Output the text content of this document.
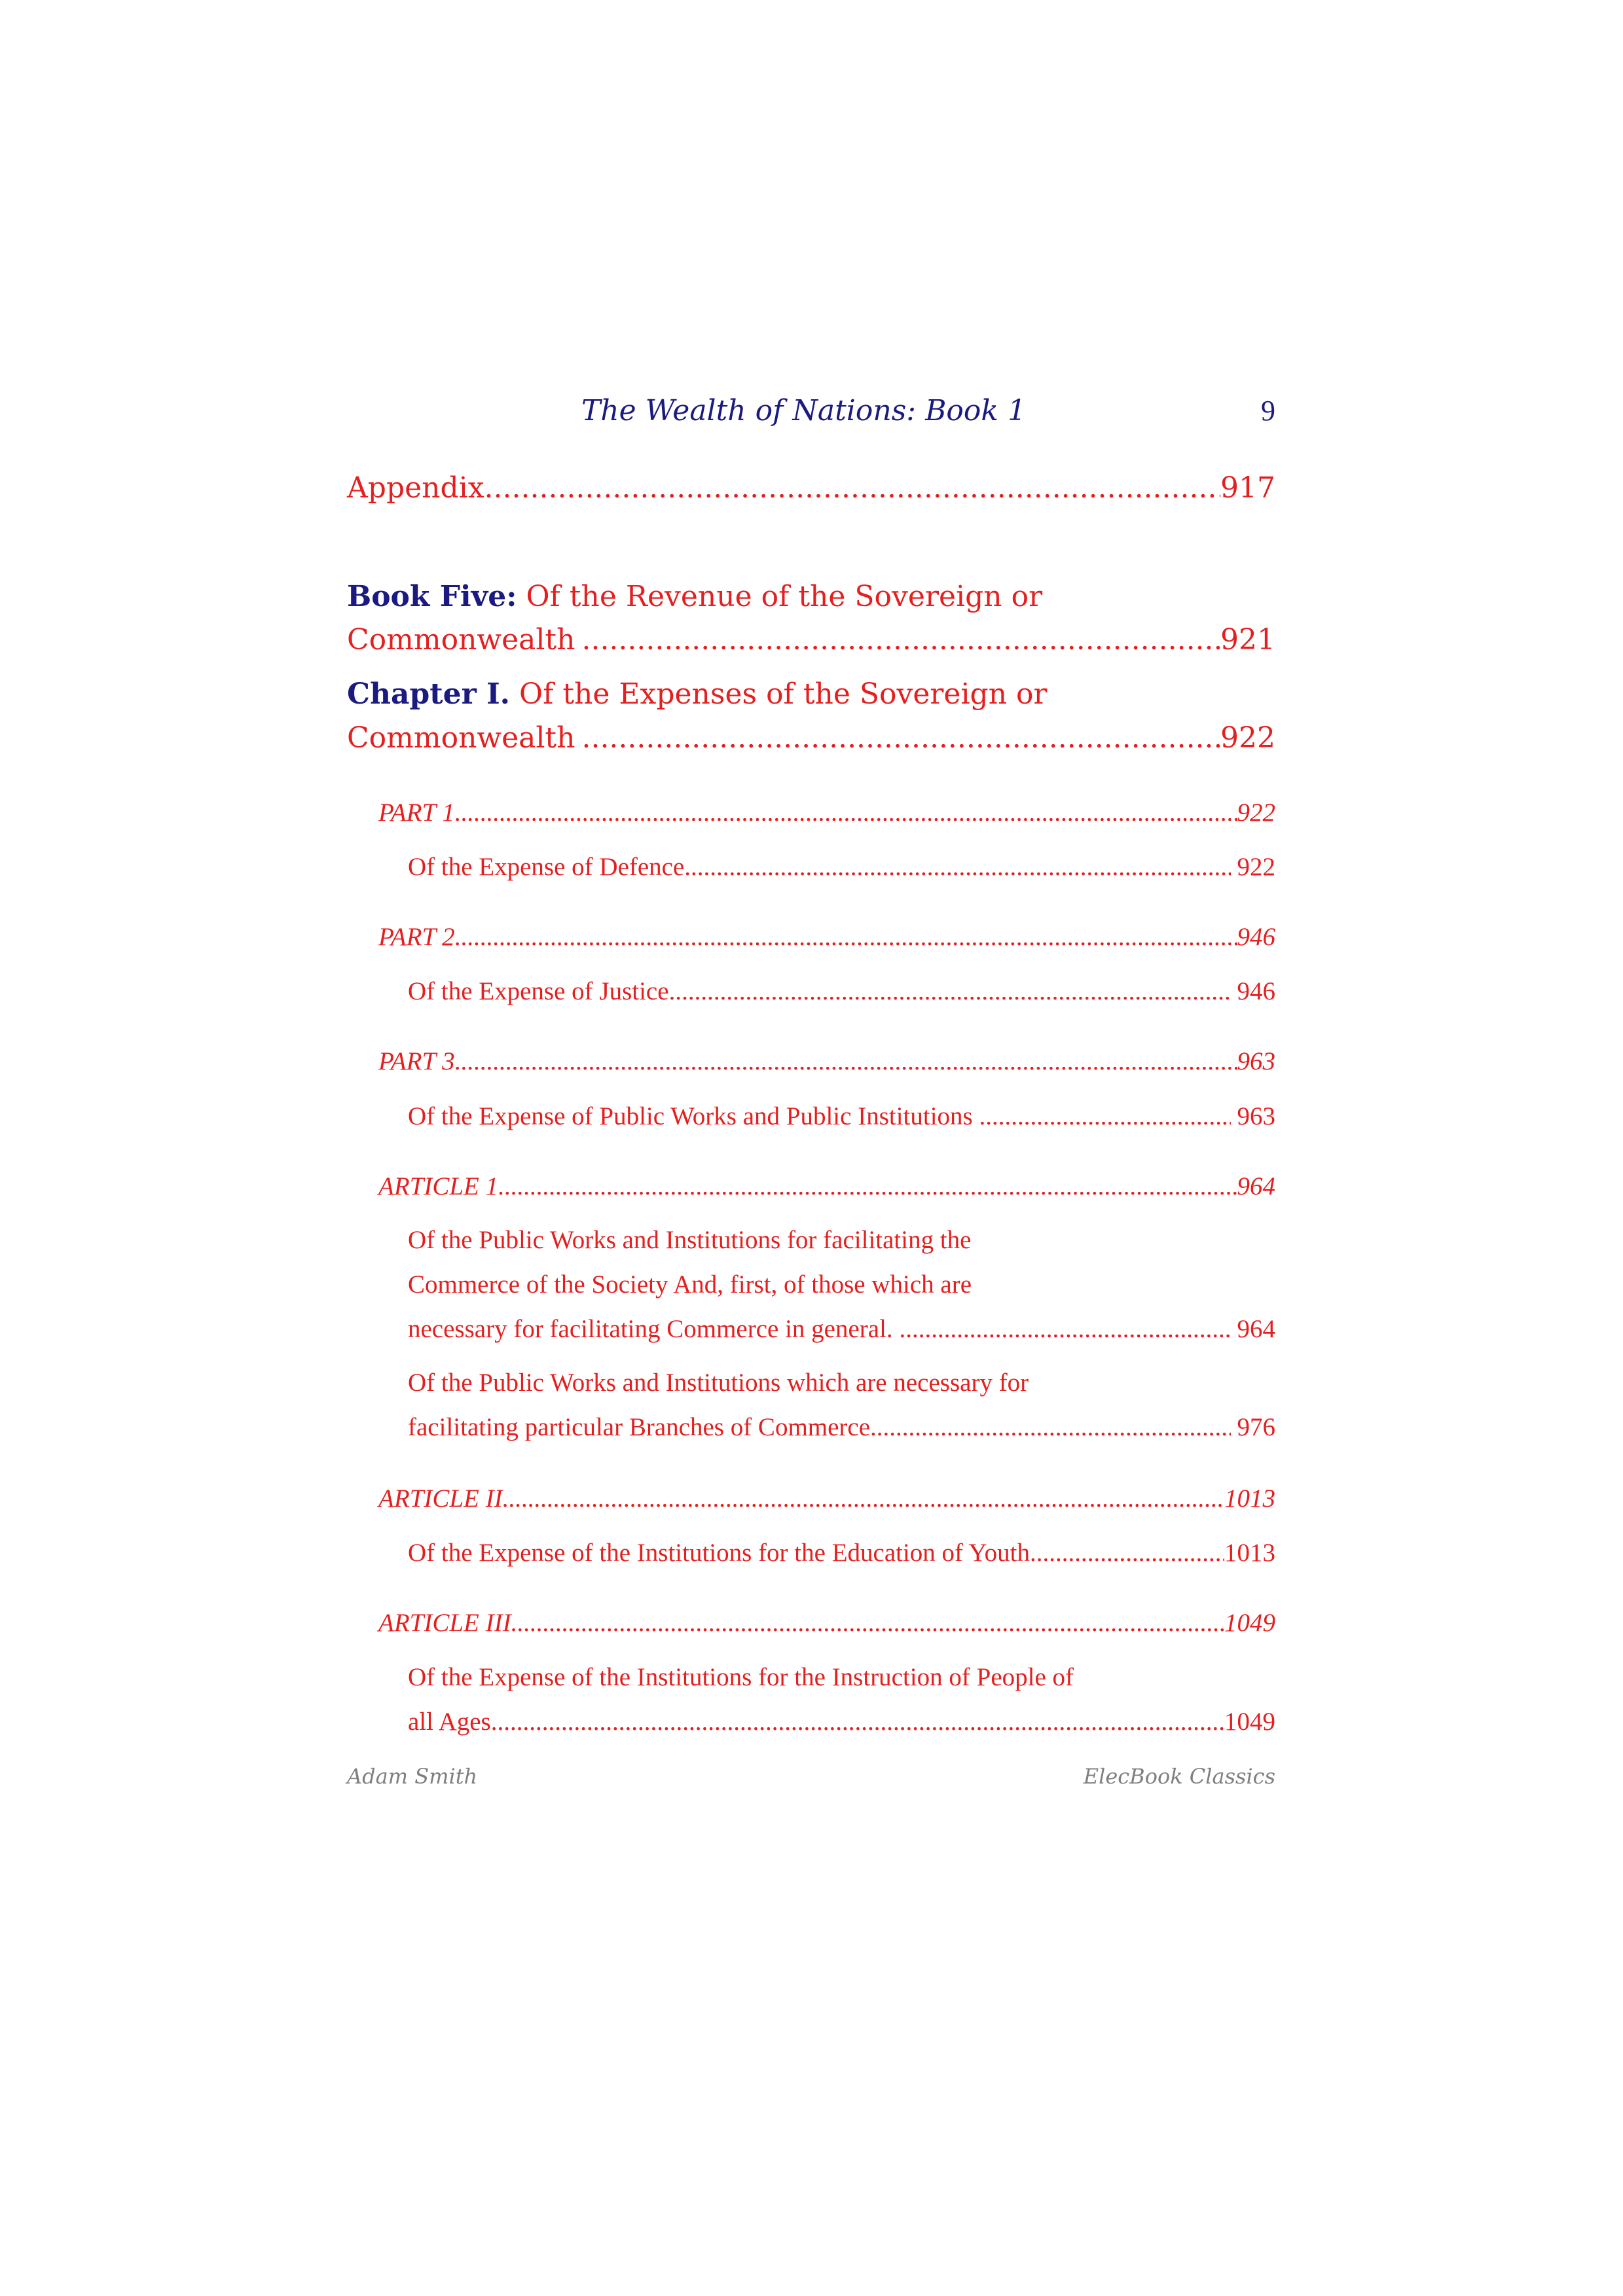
The Wealth of Nations: Book 1	9
Appendix .....	917
Book Five: Of the Revenue of the Sovereign or
Commonwealth .....	921
Chapter I. Of the Expenses of the Sovereign or
Commonwealth .....	922
PART 1 .....	922
Of the Expense of Defence .....	922
PART 2 .....	946
Of the Expense of Justice .....	946
PART 3 .....	963
Of the Expense of Public Works and Public Institutions .....	963
ARTICLE 1 .....	964
Of the Public Works and Institutions for facilitating the
Commerce of the Society And, first, of those which are
necessary for facilitating Commerce in general. .....	964
Of the Public Works and Institutions which are necessary for
facilitating particular Branches of Commerce. .....	976
ARTICLE II .....	1013
Of the Expense of the Institutions for the Education of Youth .....	1013
ARTICLE III .....	1049
Of the Expense of the Institutions for the Instruction of People of
all Ages .....	1049
Adam Smith	ElecBook Classics
